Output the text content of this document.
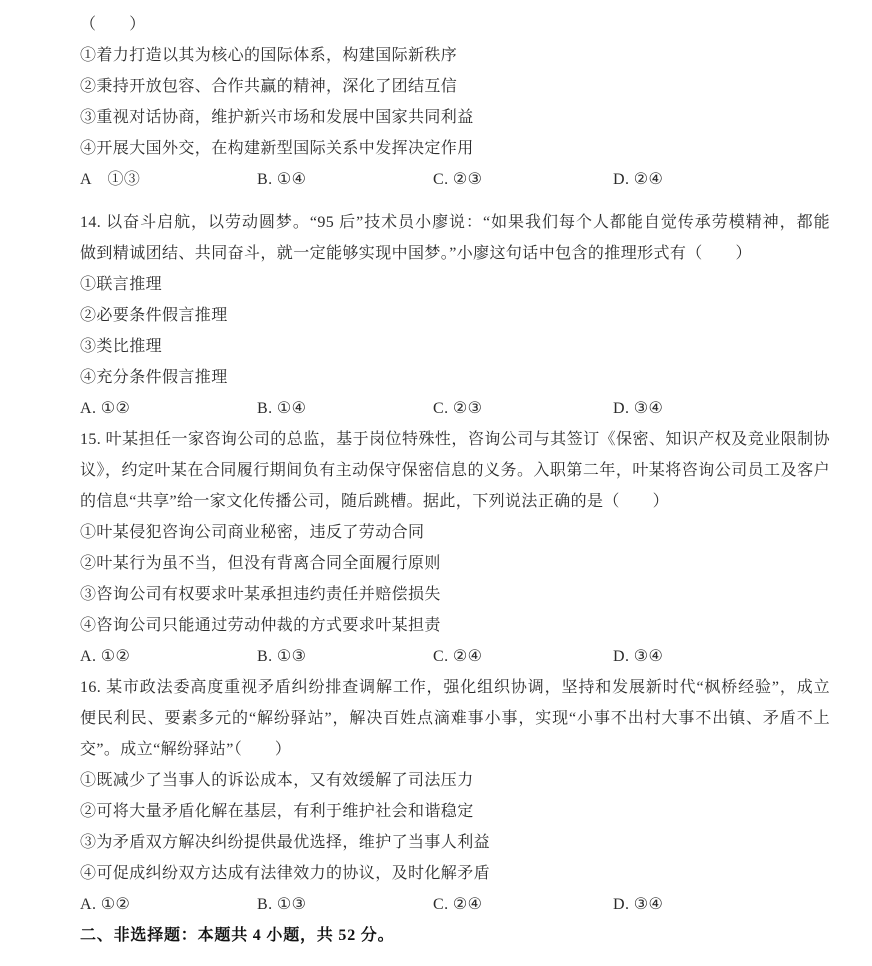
（　　）
①着力打造以其为核心的国际体系，构建国际新秩序
②秉持开放包容、合作共赢的精神，深化了团结互信
③重视对话协商，维护新兴市场和发展中国家共同利益
④开展大国外交，在构建新型国际关系中发挥决定作用
A　①③	B. ①④	C. ②③	D. ②④
14. 以奋斗启航，以劳动圆梦。“95 后”技术员小廖说：“如果我们每个人都能自觉传承劳模精神，都能
做到精诚团结、共同奋斗，就一定能够实现中国梦。”小廖这句话中包含的推理形式有（　　）
①联言推理
②必要条件假言推理
③类比推理
④充分条件假言推理
A. ①②	B. ①④	C. ②③	D. ③④
15. 叶某担任一家咨询公司的总监，基于岗位特殊性，咨询公司与其签订《保密、知识产权及竞业限制协
议》，约定叶某在合同履行期间负有主动保守保密信息的义务。入职第二年，叶某将咨询公司员工及客户
的信息“共享”给一家文化传播公司，随后跳槽。据此，下列说法正确的是（　　）
①叶某侵犯咨询公司商业秘密，违反了劳动合同
②叶某行为虽不当，但没有背离合同全面履行原则
③咨询公司有权要求叶某承担违约责任并赔偿损失
④咨询公司只能通过劳动仲裁的方式要求叶某担责
A. ①②	B. ①③	C. ②④	D. ③④
16. 某市政法委高度重视矛盾纠纷排查调解工作，强化组织协调，坚持和发展新时代“枫桥经验”，成立
便民利民、要素多元的“解纷驿站”，解决百姓点滴难事小事，实现“小事不出村大事不出镇、矛盾不上
交”。成立“解纷驿站”（　　）
①既减少了当事人的诉讼成本，又有效缓解了司法压力
②可将大量矛盾化解在基层，有利于维护社会和谐稳定
③为矛盾双方解决纠纷提供最优选择，维护了当事人利益
④可促成纠纷双方达成有法律效力的协议，及时化解矛盾
A. ①②	B. ①③	C. ②④	D. ③④
二、非选择题：本题共 4 小题，共 52 分。
